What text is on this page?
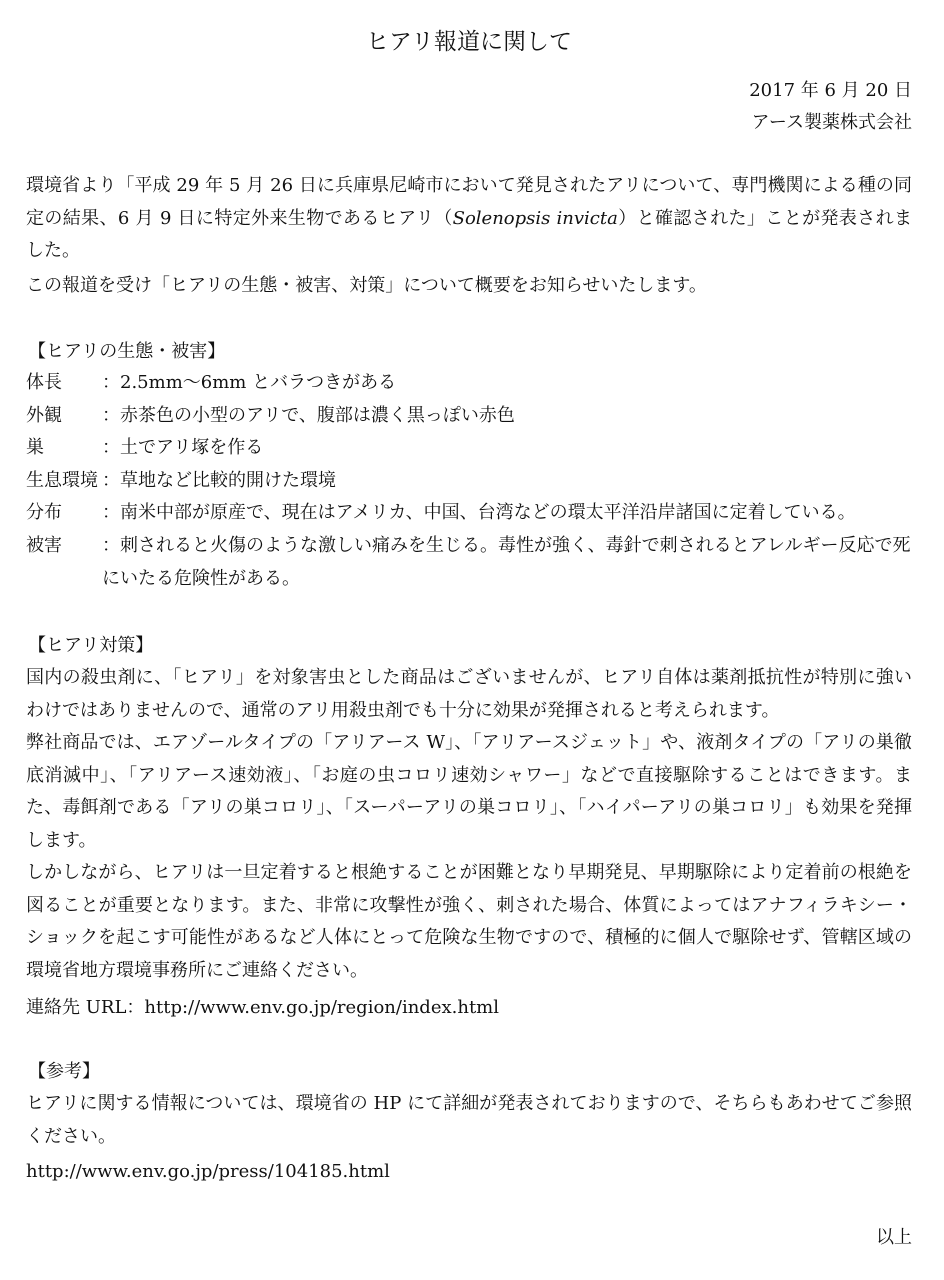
ヒアリ報道に関して
2017 年 6 月 20 日
アース製薬株式会社
環境省より「平成 29 年 5 月 26 日に兵庫県尼崎市において発見されたアリについて、専門機関による種の同定の結果、6 月 9 日に特定外来生物であるヒアリ（Solenopsis invicta）と確認された」ことが発表されました。
この報道を受け「ヒアリの生態・被害、対策」について概要をお知らせいたします。
【ヒアリの生態・被害】
体長 ：2.5mm～6mm とバラつきがある
外観 ：赤茶色の小型のアリで、腹部は濃く黒っぽい赤色
巣	：土でアリ塚を作る
生息環境 ：草地など比較的開けた環境
分布 ：南米中部が原産で、現在はアメリカ、中国、台湾などの環太平洋沿岸諸国に定着している。
被害 ：刺されると火傷のような激しい痛みを生じる。毒性が強く、毒針で刺されるとアレルギー反応で死にいたる危険性がある。
【ヒアリ対策】
国内の殺虫剤に、「ヒアリ」を対象害虫とした商品はございませんが、ヒアリ自体は薬剤抵抗性が特別に強いわけではありませんので、通常のアリ用殺虫剤でも十分に効果が発揮されると考えられます。
弊社商品では、エアゾールタイプの「アリアース W」、「アリアースジェット」や、液剤タイプの「アリの巣徹底消滅中」、「アリアース速効液」、「お庭の虫コロリ速効シャワー」などで直接駆除することはできます。また、毒餌剤である「アリの巣コロリ」、「スーパーアリの巣コロリ」、「ハイパーアリの巣コロリ」も効果を発揮します。
しかしながら、ヒアリは一旦定着すると根絶することが困難となり早期発見、早期駆除により定着前の根絶を図ることが重要となります。また、非常に攻撃性が強く、刺された場合、体質によってはアナフィラキシー・ショックを起こす可能性があるなど人体にとって危険な生物ですので、積極的に個人で駆除せず、管轄区域の環境省地方環境事務所にご連絡ください。
連絡先 URL：http://www.env.go.jp/region/index.html
【参考】
ヒアリに関する情報については、環境省の HP にて詳細が発表されておりますので、そちらもあわせてご参照ください。
http://www.env.go.jp/press/104185.html
以上
